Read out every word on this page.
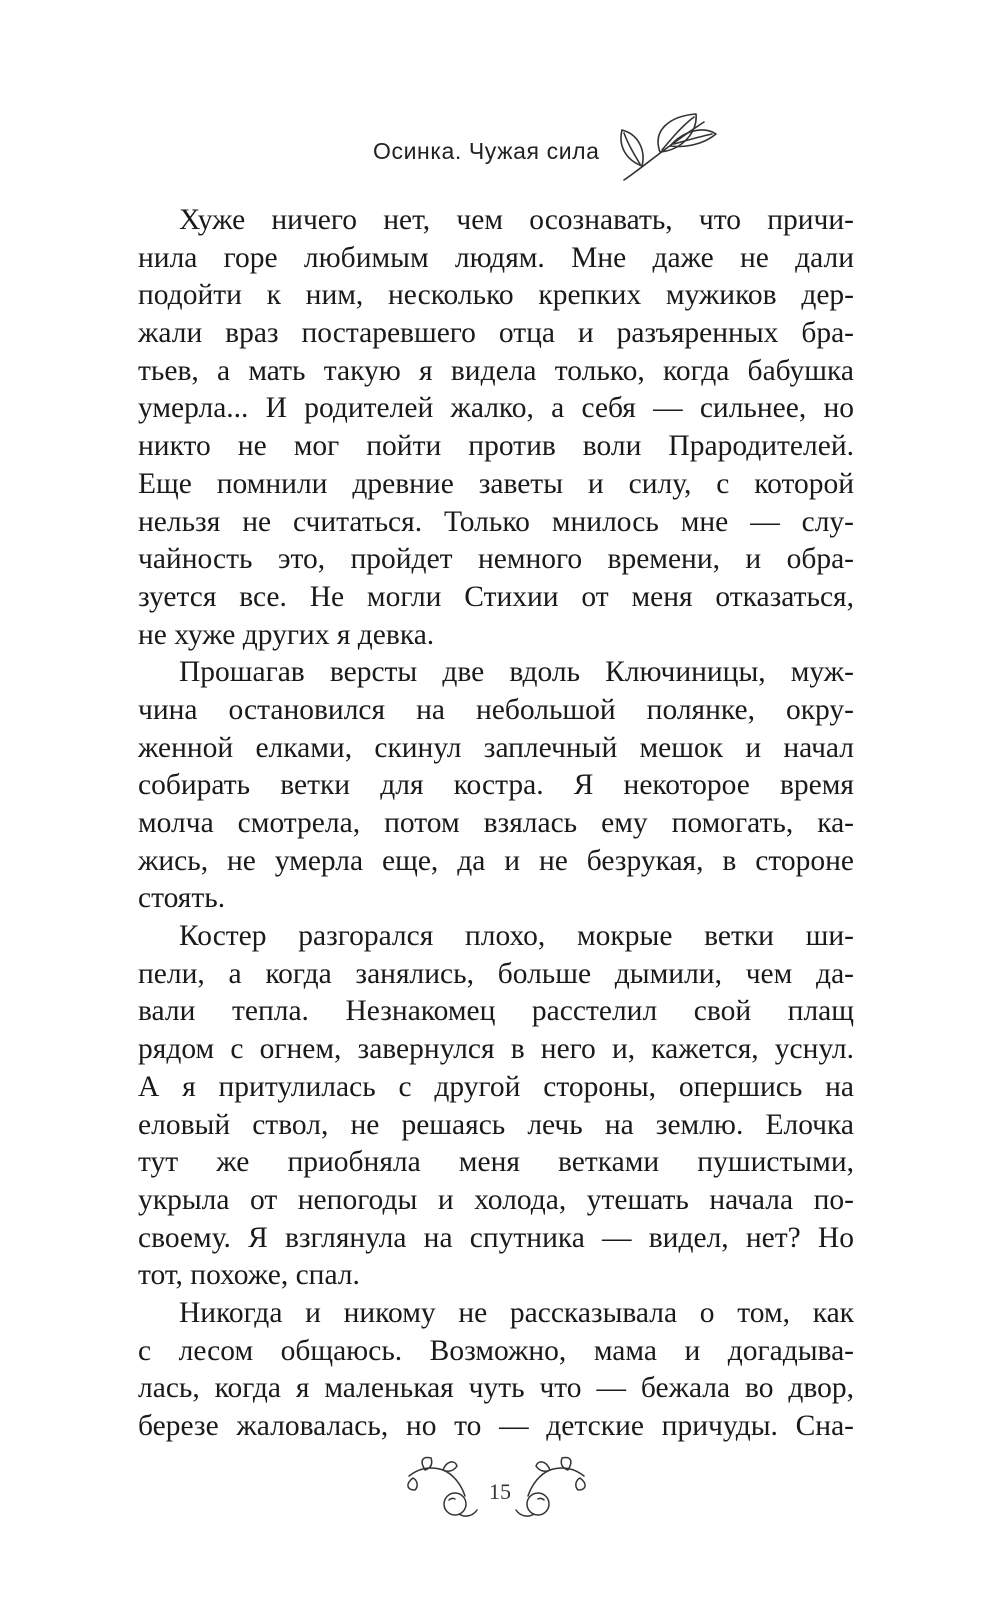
Осинка. Чужая сила
Хуже ничего нет, чем осознавать, что причи-
нила горе любимым людям. Мне даже не дали
подойти к ним, несколько крепких мужиков дер-
жали враз постаревшего отца и разъяренных бра-
тьев, а мать такую я видела только, когда бабушка
умерла... И родителей жалко, а себя — сильнее, но
никто не мог пойти против воли Прародителей.
Еще помнили древние заветы и силу, с которой
нельзя не считаться. Только мнилось мне — слу-
чайность это, пройдет немного времени, и обра-
зуется все. Не могли Стихии от меня отказаться,
не хуже других я девка.
Прошагав версты две вдоль Ключиницы, муж-
чина остановился на небольшой полянке, окру-
женной елками, скинул заплечный мешок и начал
собирать ветки для костра. Я некоторое время
молча смотрела, потом взялась ему помогать, ка-
жись, не умерла еще, да и не безрукая, в стороне
стоять.
Костер разгорался плохо, мокрые ветки ши-
пели, а когда занялись, больше дымили, чем да-
вали тепла. Незнакомец расстелил свой плащ
рядом с огнем, завернулся в него и, кажется, уснул.
А я притулилась с другой стороны, опершись на
еловый ствол, не решаясь лечь на землю. Елочка
тут же приобняла меня ветками пушистыми,
укрыла от непогоды и холода, утешать начала по-
своему. Я взглянула на спутника — видел, нет? Но
тот, похоже, спал.
Никогда и никому не рассказывала о том, как
с лесом общаюсь. Возможно, мама и догадыва-
лась, когда я маленькая чуть что — бежала во двор,
березе жаловалась, но то — детские причуды. Сна-
15
